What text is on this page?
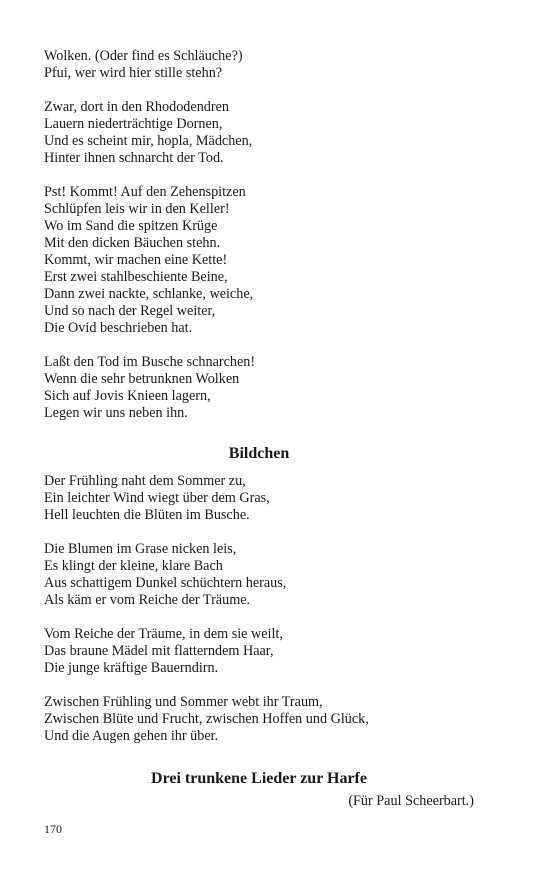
Wolken. (Oder find es Schläuche?)
Pfui, wer wird hier stille stehn?
Zwar, dort in den Rhododendren
Lauern niederträchtige Dornen,
Und es scheint mir, hopla, Mädchen,
Hinter ihnen schnarcht der Tod.
Pst! Kommt! Auf den Zehenspitzen
Schlüpfen leis wir in den Keller!
Wo im Sand die spitzen Krüge
Mit den dicken Bäuchen stehn.
Kommt, wir machen eine Kette!
Erst zwei stahlbeschiente Beine,
Dann zwei nackte, schlanke, weiche,
Und so nach der Regel weiter,
Die Ovid beschrieben hat.
Laßt den Tod im Busche schnarchen!
Wenn die sehr betrunknen Wolken
Sich auf Jovis Knieen lagern,
Legen wir uns neben ihn.
Bildchen
Der Frühling naht dem Sommer zu,
Ein leichter Wind wiegt über dem Gras,
Hell leuchten die Blüten im Busche.
Die Blumen im Grase nicken leis,
Es klingt der kleine, klare Bach
Aus schattigem Dunkel schüchtern heraus,
Als käm er vom Reiche der Träume.
Vom Reiche der Träume, in dem sie weilt,
Das braune Mädel mit flatterndem Haar,
Die junge kräftige Bauerndirn.
Zwischen Frühling und Sommer webt ihr Traum,
Zwischen Blüte und Frucht, zwischen Hoffen und Glück,
Und die Augen gehen ihr über.
Drei trunkene Lieder zur Harfe
(Für Paul Scheerbart.)
170
